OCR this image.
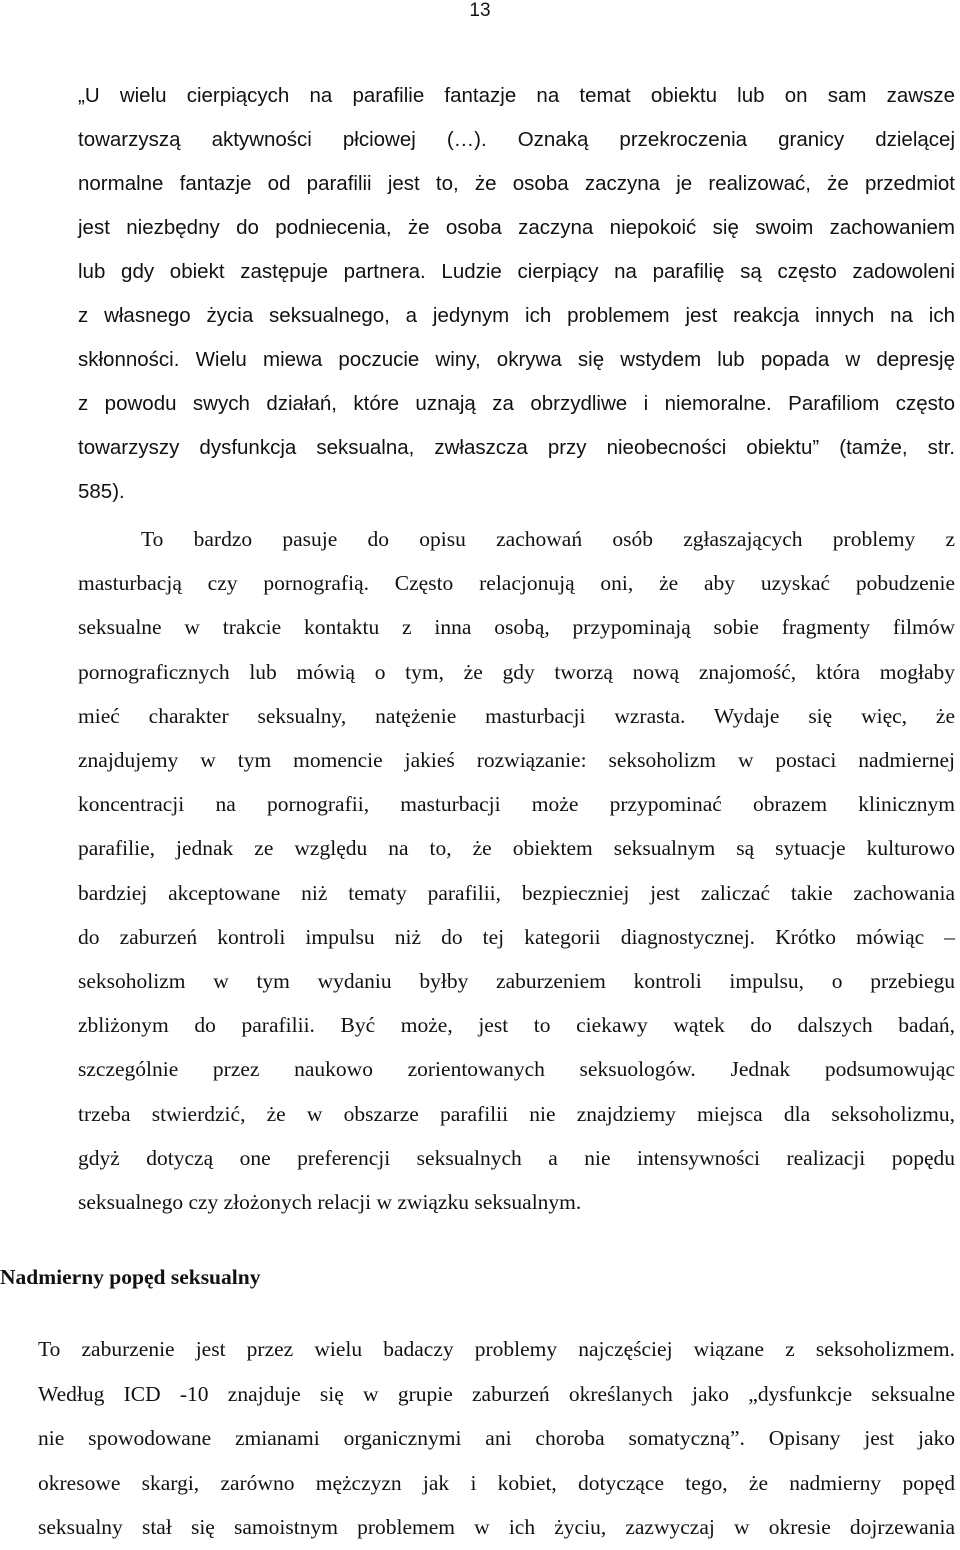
13
„U wielu cierpiących na parafilie fantazje na temat obiektu lub on sam zawsze
towarzyszą aktywności płciowej (…). Oznaką przekroczenia granicy dzielącej
normalne fantazje od parafilii jest to, że osoba zaczyna je realizować, że przedmiot
jest niezbędny do podniecenia, że osoba zaczyna niepokoić się swoim zachowaniem
lub gdy obiekt zastępuje partnera. Ludzie cierpiący na parafilię są często zadowoleni
z własnego życia seksualnego, a jedynym ich problemem jest reakcja innych na ich
skłonności. Wielu miewa poczucie winy, okrywa się wstydem lub popada w depresję
z powodu swych działań, które uznają za obrzydliwe i niemoralne. Parafiliom często
towarzyszy dysfunkcja seksualna, zwłaszcza przy nieobecności obiektu” (tamże, str.
585).
To bardzo pasuje do opisu zachowań osób zgłaszających problemy z
masturbacją czy pornografią. Często relacjonują oni, że aby uzyskać pobudzenie
seksualne w trakcie kontaktu z inna osobą, przypominają sobie fragmenty filmów
pornograficznych lub mówią o tym, że gdy tworzą nową znajomość, która mogłaby
mieć charakter seksualny, natężenie masturbacji wzrasta. Wydaje się więc, że
znajdujemy w tym momencie jakieś rozwiązanie: seksoholizm w postaci nadmiernej
koncentracji na pornografii, masturbacji może przypominać obrazem klinicznym
parafilie, jednak ze względu na to, że obiektem seksualnym są sytuacje kulturowo
bardziej akceptowane niż tematy parafilii, bezpieczniej jest zaliczać takie zachowania
do zaburzeń kontroli impulsu niż do tej kategorii diagnostycznej. Krótko mówiąc –
seksoholizm w tym wydaniu byłby zaburzeniem kontroli impulsu, o przebiegu
zbliżonym do parafilii. Być może, jest to ciekawy wątek do dalszych badań,
szczególnie przez naukowo zorientowanych seksuologów. Jednak podsumowując
trzeba stwierdzić, że w obszarze parafilii nie znajdziemy miejsca dla seksoholizmu,
gdyż dotyczą one preferencji seksualnych a nie intensywności realizacji popędu
seksualnego czy złożonych relacji w związku seksualnym.
Nadmierny popęd seksualny
To zaburzenie jest przez wielu badaczy problemy najczęściej wiązane z seksoholizmem.
Według ICD -10 znajduje się w grupie zaburzeń określanych jako „dysfunkcje seksualne
nie spowodowane zmianami organicznymi ani choroba somatyczną”. Opisany jest jako
okresowe skargi, zarówno mężczyzn jak i kobiet, dotyczące tego, że nadmierny popęd
seksualny stał się samoistnym problemem w ich życiu, zazwyczaj w okresie dojrzewania
